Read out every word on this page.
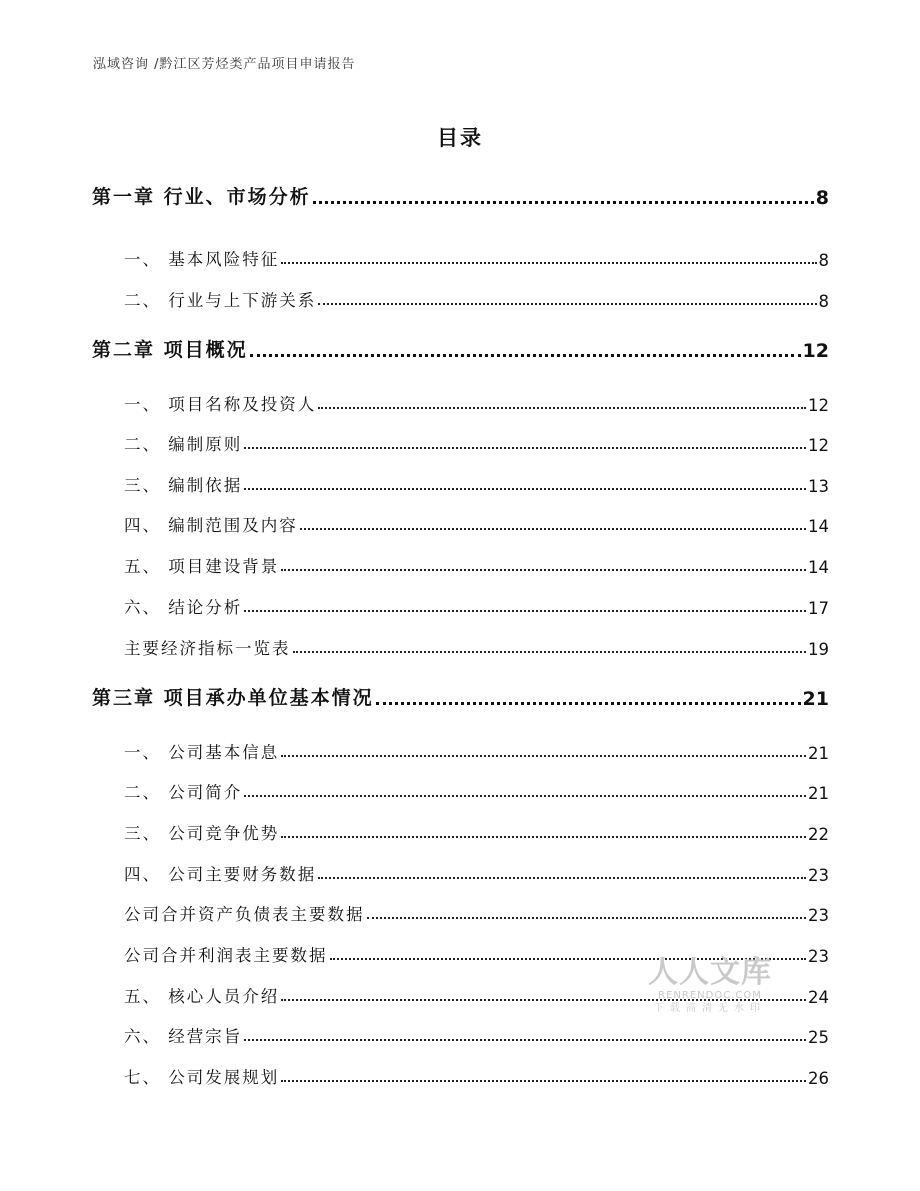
泓域咨询 /黔江区芳烃类产品项目申请报告
目录
第一章 行业、市场分析	8
一、 基本风险特征	8
二、 行业与上下游关系	8
第二章 项目概况	12
一、 项目名称及投资人	12
二、 编制原则	12
三、 编制依据	13
四、 编制范围及内容	14
五、 项目建设背景	14
六、 结论分析	17
主要经济指标一览表	19
第三章 项目承办单位基本情况	21
一、 公司基本信息	21
二、 公司简介	21
三、 公司竞争优势	22
四、 公司主要财务数据	23
公司合并资产负债表主要数据	23
公司合并利润表主要数据	23
五、 核心人员介绍	24
六、 经营宗旨	25
七、 公司发展规划	26
人人文库
RENRENDOC.COM
下载高清无水印
